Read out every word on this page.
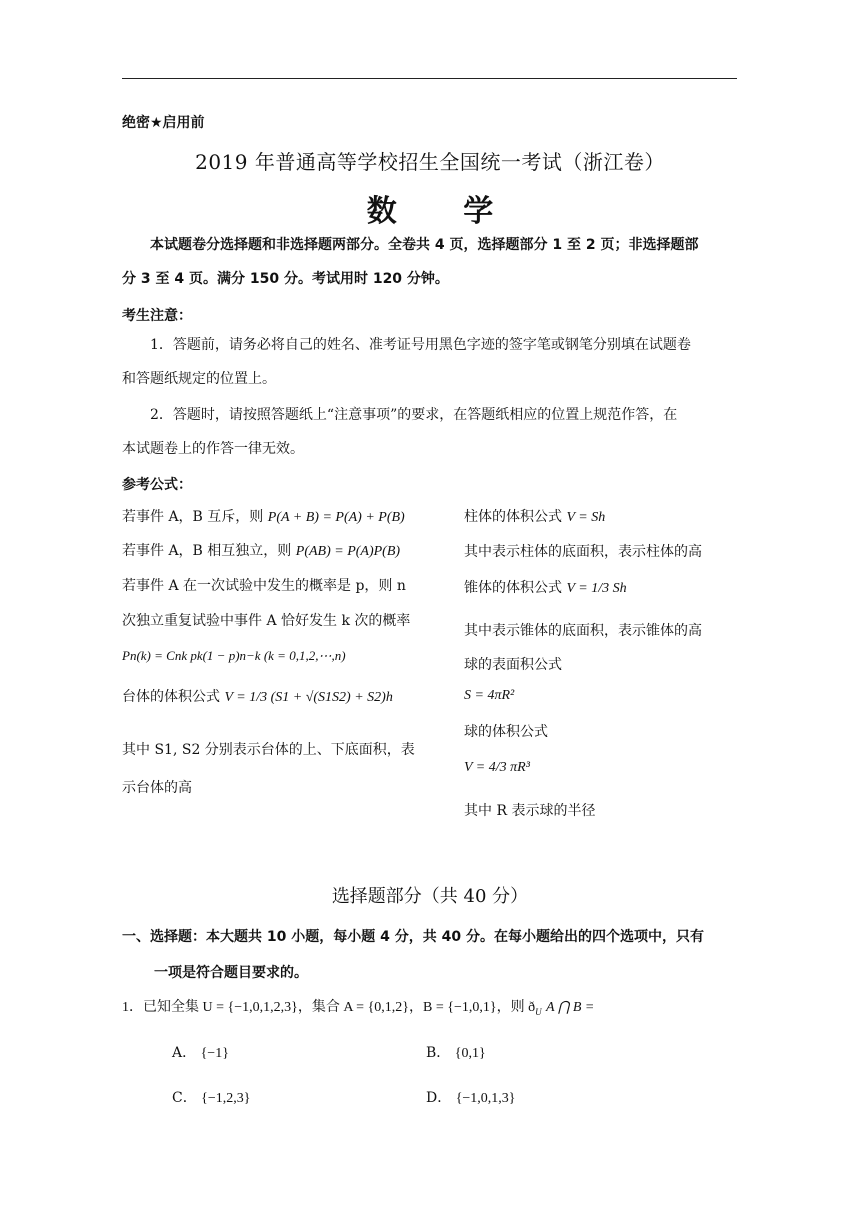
绝密★启用前
2019 年普通高等学校招生全国统一考试（浙江卷）
数 学
本试题卷分选择题和非选择题两部分。全卷共 4 页，选择题部分 1 至 2 页；非选择题部
分 3 至 4 页。满分 150 分。考试用时 120 分钟。
考生注意：
1．答题前，请务必将自己的姓名、准考证号用黑色字迹的签字笔或钢笔分别填在试题卷
和答题纸规定的位置上。
2．答题时，请按照答题纸上“注意事项”的要求，在答题纸相应的位置上规范作答，在
本试题卷上的作答一律无效。
参考公式：
若事件 A，B 互斥，则 P(A + B) = P(A) + P(B)
若事件 A，B 相互独立，则 P(AB) = P(A)P(B)
若事件 A 在一次试验中发生的概率是 p，则 n
次独立重复试验中事件 A 恰好发生 k 次的概率
Pn(k) = Cnk pk(1 − p)n−k (k = 0,1,2,⋯,n)
台体的体积公式 V = 1/3 (S1 + √(S1S2) + S2)h
其中 S1, S2 分别表示台体的上、下底面积，表
示台体的高
柱体的体积公式 V = Sh
其中表示柱体的底面积，表示柱体的高
锥体的体积公式 V = 1/3 Sh
其中表示锥体的底面积，表示锥体的高
球的表面积公式
S = 4πR²
球的体积公式
V = 4/3 πR³
其中 R 表示球的半径
选择题部分（共 40 分）
一、选择题：本大题共 10 小题，每小题 4 分，共 40 分。在每小题给出的四个选项中，只有
一项是符合题目要求的。
1．已知全集 U = {−1,0,1,2,3}，集合 A = {0,1,2}，B = {−1,0,1}，则 $ð_U$ A ⋂ B =
A． {−1}	B． {0,1}
C． {−1,2,3}	D． {−1,0,1,3}
